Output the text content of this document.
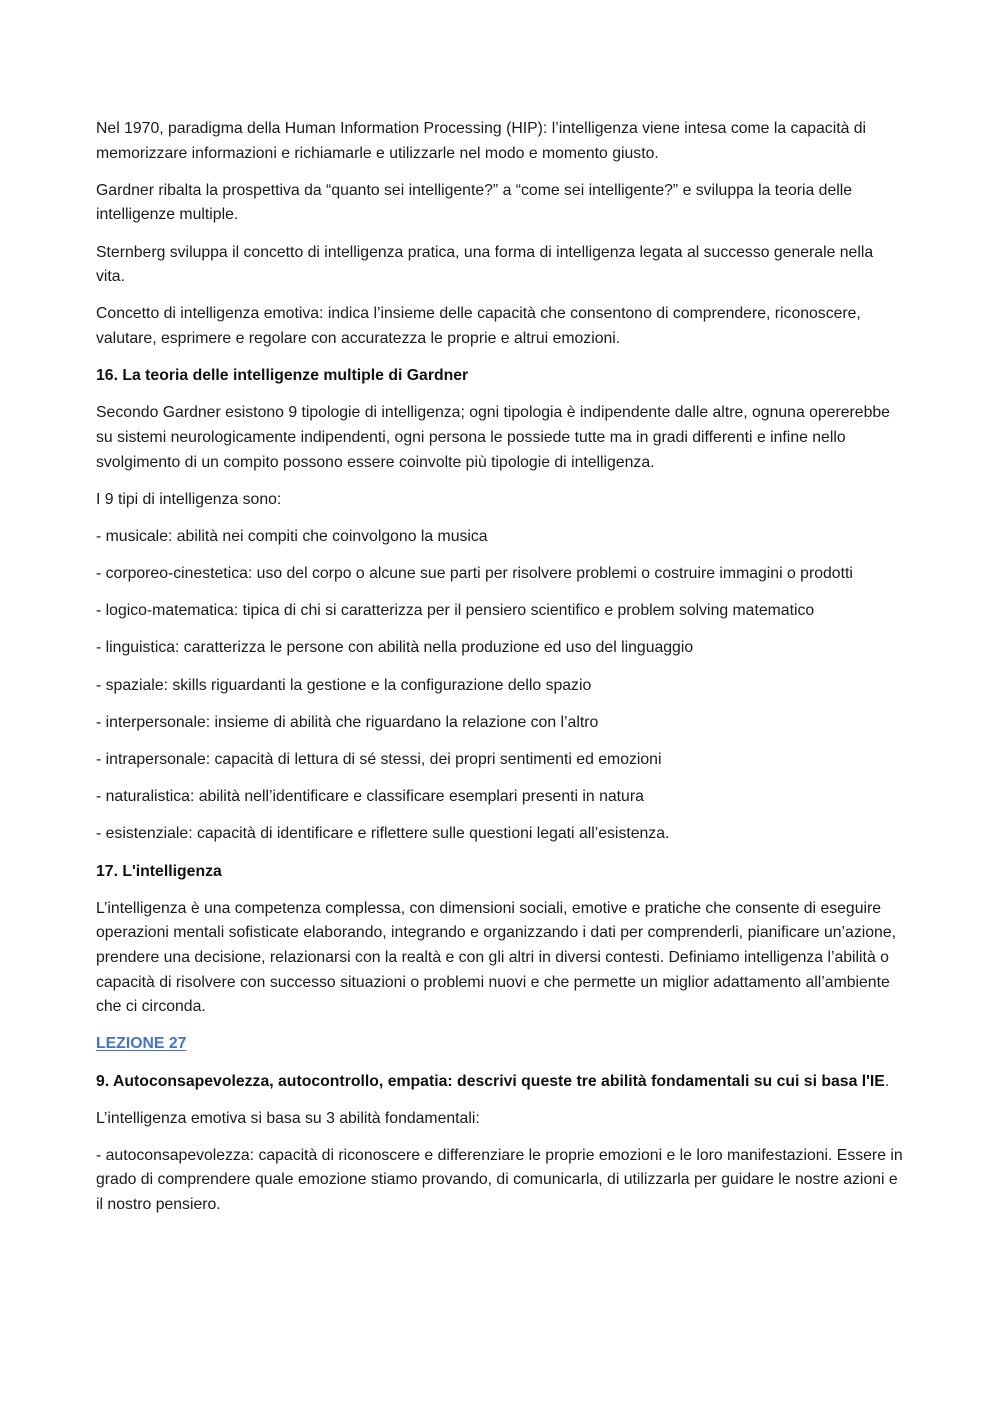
Nel 1970, paradigma della Human Information Processing (HIP): l’intelligenza viene intesa come la capacità di memorizzare informazioni e richiamarle e utilizzarle nel modo e momento giusto.

Gardner ribalta la prospettiva da “quanto sei intelligente?” a “come sei intelligente?” e sviluppa la teoria delle intelligenze multiple.

Sternberg sviluppa il concetto di intelligenza pratica, una forma di intelligenza legata al successo generale nella vita.

Concetto di intelligenza emotiva: indica l’insieme delle capacità che consentono di comprendere, riconoscere, valutare, esprimere e regolare con accuratezza le proprie e altrui emozioni.

16. La teoria delle intelligenze multiple di Gardner

Secondo Gardner esistono 9 tipologie di intelligenza; ogni tipologia è indipendente dalle altre, ognuna opererebbe su sistemi neurologicamente indipendenti, ogni persona le possiede tutte ma in gradi differenti e infine nello svolgimento di un compito possono essere coinvolte più tipologie di intelligenza.

I 9 tipi di intelligenza sono:

- musicale: abilità nei compiti che coinvolgono la musica

- corporeo-cinestetica: uso del corpo o alcune sue parti per risolvere problemi o costruire immagini o prodotti

- logico-matematica: tipica di chi si caratterizza per il pensiero scientifico e problem solving matematico

- linguistica: caratterizza le persone con abilità nella produzione ed uso del linguaggio

- spaziale: skills riguardanti la gestione e la configurazione dello spazio

- interpersonale: insieme di abilità che riguardano la relazione con l’altro

- intrapersonale: capacità di lettura di sé stessi, dei propri sentimenti ed emozioni

- naturalistica: abilità nell’identificare e classificare esemplari presenti in natura

- esistenziale: capacità di identificare e riflettere sulle questioni legati all’esistenza.

17. L'intelligenza

L’intelligenza è una competenza complessa, con dimensioni sociali, emotive e pratiche che consente di eseguire operazioni mentali sofisticate elaborando, integrando e organizzando i dati per comprenderli, pianificare un’azione, prendere una decisione, relazionarsi con la realtà e con gli altri in diversi contesti. Definiamo intelligenza l’abilità o capacità di risolvere con successo situazioni o problemi nuovi e che permette un miglior adattamento all’ambiente che ci circonda.

LEZIONE 27

9. Autoconsapevolezza, autocontrollo, empatia: descrivi queste tre abilità fondamentali su cui si basa l'IE.

L’intelligenza emotiva si basa su 3 abilità fondamentali:

- autoconsapevolezza: capacità di riconoscere e differenziare le proprie emozioni e le loro manifestazioni. Essere in grado di comprendere quale emozione stiamo provando, di comunicarla, di utilizzarla per guidare le nostre azioni e il nostro pensiero.
